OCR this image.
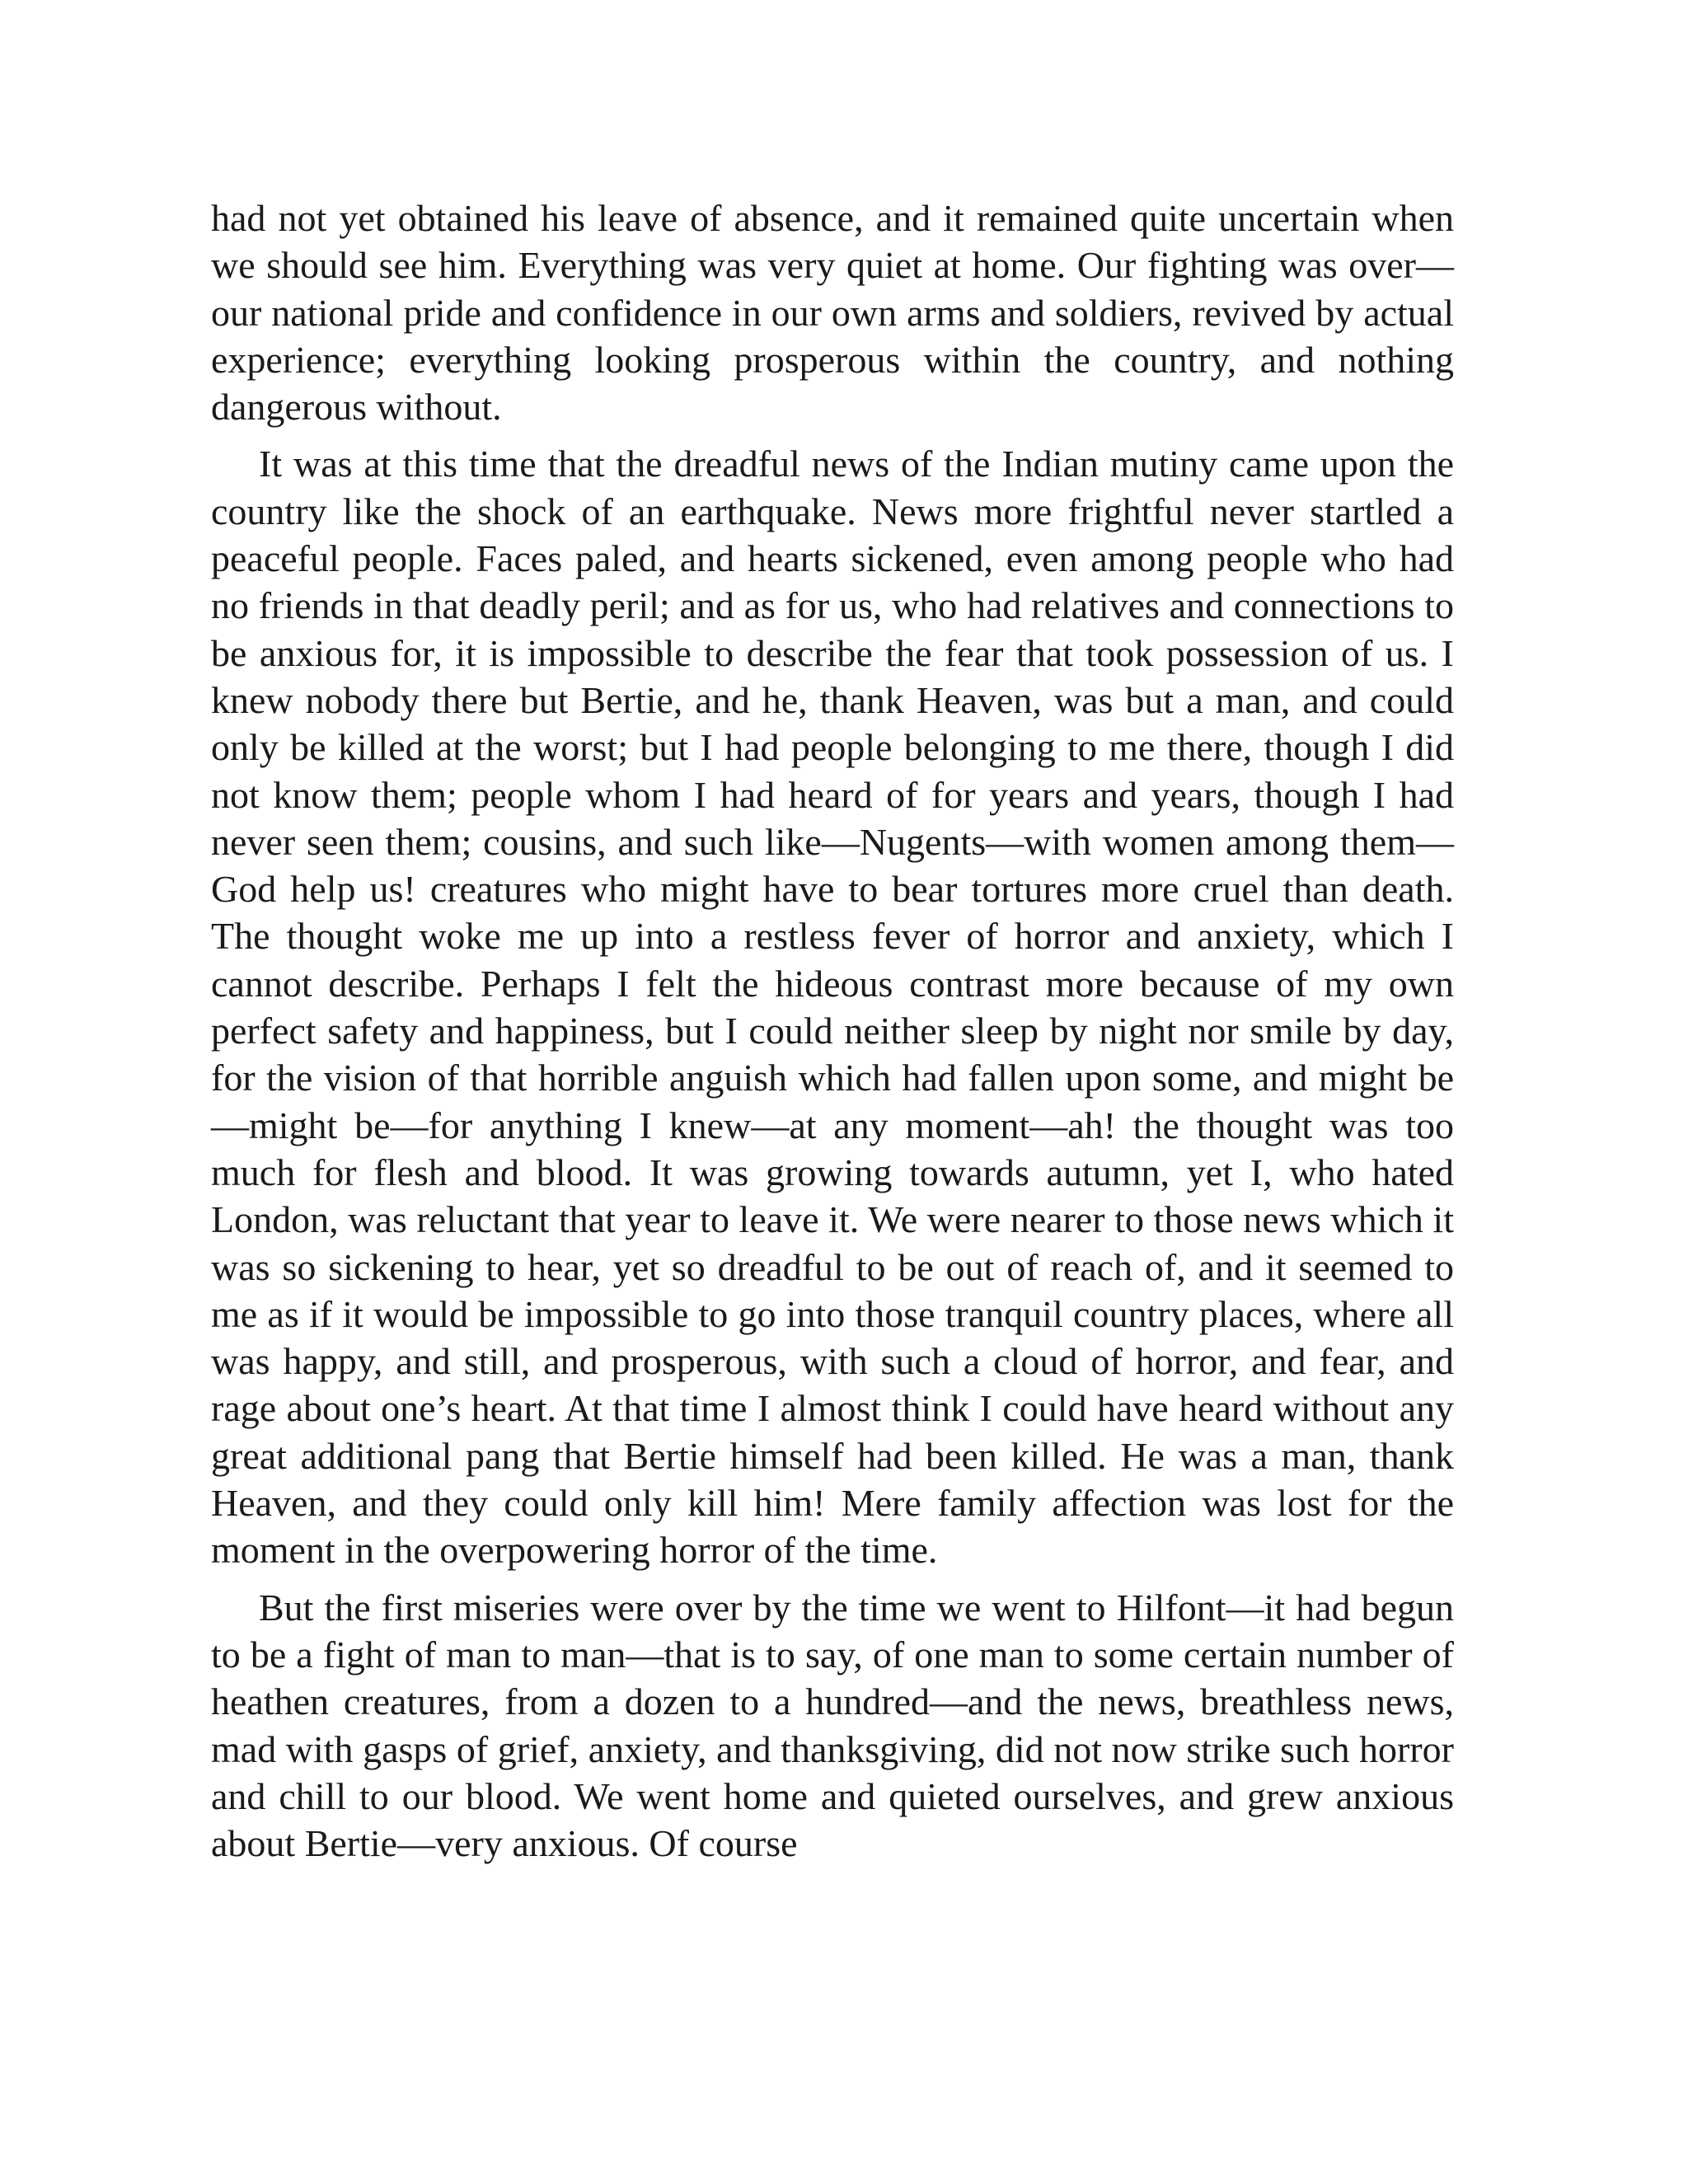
had not yet obtained his leave of absence, and it remained quite uncertain when we should see him. Everything was very quiet at home. Our fighting was over—our national pride and confidence in our own arms and soldiers, revived by actual experience; everything looking prosperous within the country, and nothing dangerous without.

It was at this time that the dreadful news of the Indian mutiny came upon the country like the shock of an earthquake. News more frightful never startled a peaceful people. Faces paled, and hearts sickened, even among people who had no friends in that deadly peril; and as for us, who had relatives and connections to be anxious for, it is impossible to describe the fear that took possession of us. I knew nobody there but Bertie, and he, thank Heaven, was but a man, and could only be killed at the worst; but I had people belonging to me there, though I did not know them; people whom I had heard of for years and years, though I had never seen them; cousins, and such like—Nugents—with women among them—God help us! creatures who might have to bear tortures more cruel than death. The thought woke me up into a restless fever of horror and anxiety, which I cannot describe. Perhaps I felt the hideous contrast more because of my own perfect safety and happiness, but I could neither sleep by night nor smile by day, for the vision of that horrible anguish which had fallen upon some, and might be—might be—for anything I knew—at any moment—ah! the thought was too much for flesh and blood. It was growing towards autumn, yet I, who hated London, was reluctant that year to leave it. We were nearer to those news which it was so sickening to hear, yet so dreadful to be out of reach of, and it seemed to me as if it would be impossible to go into those tranquil country places, where all was happy, and still, and prosperous, with such a cloud of horror, and fear, and rage about one’s heart. At that time I almost think I could have heard without any great additional pang that Bertie himself had been killed. He was a man, thank Heaven, and they could only kill him! Mere family affection was lost for the moment in the overpowering horror of the time.

But the first miseries were over by the time we went to Hilfont—it had begun to be a fight of man to man—that is to say, of one man to some certain number of heathen creatures, from a dozen to a hundred—and the news, breathless news, mad with gasps of grief, anxiety, and thanksgiving, did not now strike such horror and chill to our blood. We went home and quieted ourselves, and grew anxious about Bertie—very anxious. Of course
